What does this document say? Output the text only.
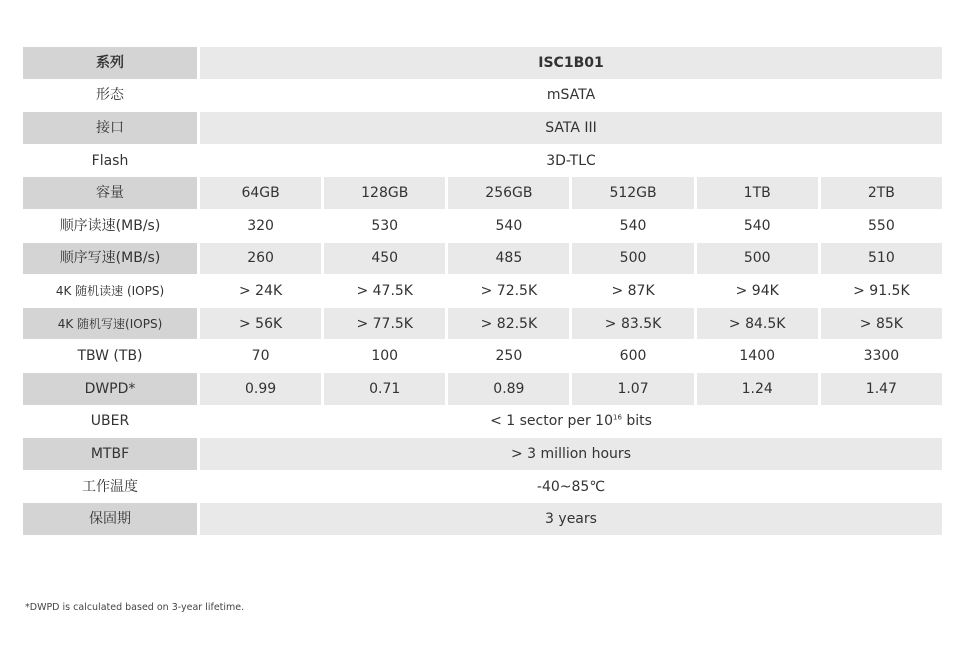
系列	ISC1B01					
形态	mSATA					
接口	SATA III					
Flash	3D-TLC					
容量	64GB	128GB	256GB	512GB	1TB	2TB
顺序读速(MB/s)	320	530	540	540	540	550
顺序写速(MB/s)	260	450	485	500	500	510
4K 随机读速 (IOPS)	> 24K	> 47.5K	> 72.5K	> 87K	> 94K	> 91.5K
4K 随机写速(IOPS)	> 56K	> 77.5K	> 82.5K	> 83.5K	> 84.5K	> 85K
TBW (TB)	70	100	250	600	1400	3300
DWPD*	0.99	0.71	0.89	1.07	1.24	1.47
UBER	< 1 sector per $10^{16}$ bits					
MTBF	> 3 million hours					
工作温度	-40~85℃					
保固期	3 years					
*DWPD is calculated based on 3-year lifetime.
